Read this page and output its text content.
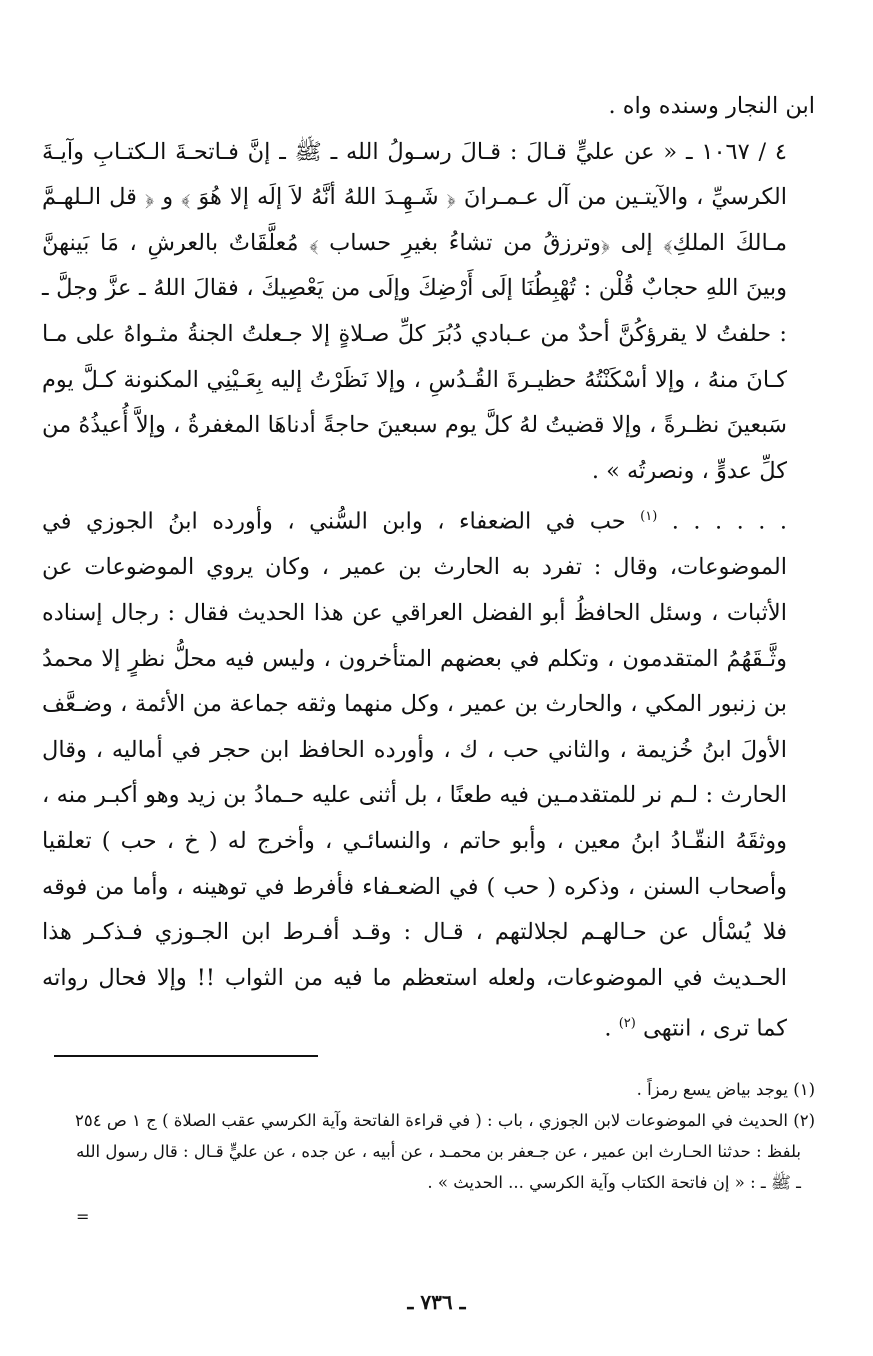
ابن النجار وسنده واه .

٤ / ١٠٦٧ ـ « عن عليٍّ قـالَ : قـالَ رسـولُ الله ـ ﷺ ـ إنَّ فـاتحـةَ الـكتـابِ وآيـةَ الكرسيِّ ، والآيتـين من آل عـمـرانَ ﴿ شَـهِـدَ اللهُ أنَّهُ لاَ إلَه إلا هُوَ ﴾ و ﴿ قل الـلهـمَّ مـالكَ الملكِ﴾ إلى ﴿وترزقُ من تشاءُ بغيرِ حساب ﴾ مُعلَّقَاتٌ بالعرشِ ، مَا بَينهنَّ وبينَ اللهِ حجابٌ قُلْن : تُهْبِطُنَا إلَى أَرْضِكَ وإلَى من يَعْصِيكَ ، فقالَ اللهُ ـ عزَّ وجلَّ ـ : حلفتُ لا يقرؤكُنَّ أحدٌ من عـبادي دُبُرَ كلِّ صـلاةٍ إلا جـعلتُ الجنةُ مثـواهُ على مـا كـانَ منهُ ، وإلا أسْكَنْتُهُ حظيـرةَ القُـدُسِ ، وإلا نَظَرْتُ إليه بِعَـيْنِي المكنونة كـلَّ يوم سَبعينَ نظـرةً ، وإلا قضيتُ لهُ كلَّ يوم سبعينَ حاجةً أدناهَا المغفرةُ ، وإلاَّ أُعيذُهُ من كلِّ عدوٍّ ، ونصرتُه » .

. . . . . . $^{(١)}$ حب في الضعفاء ، وابن السُّني ، وأورده ابنُ الجوزي في الموضوعات، وقال : تفرد به الحارث بن عمير ، وكان يروي الموضوعات عن الأثبات ، وسئل الحافظُ أبو الفضل العراقي عن هذا الحديث فقال : رجال إسناده وثَّـقَهُمُ المتقدمون ، وتكلم في بعضهم المتأخرون ، وليس فيه محلُّ نظرٍ إلا محمدُ بن زنبور المكي ، والحارث بن عمير ، وكل منهما وثقه جماعة من الأئمة ، وضـعَّف الأولَ ابنُ خُزيمة ، والثاني حب ، ك ، وأورده الحافظ ابن حجر في أماليه ، وقال الحارث : لـم نر للمتقدمـين فيه طعنًا ، بل أثنى عليه حـمادُ بن زيد وهو أكبـر منه ، ووثقَهُ النقّـادُ ابنُ معين ، وأبو حاتم ، والنسائـي ، وأخرج له ( خ ، حب ) تعلقيا وأصحاب السنن ، وذكره ( حب ) في الضعـفاء فأفرط في توهينه ، وأما من فوقه فلا يُسْأل عن حـالهـم لجلالتهم ، قـال : وقـد أفـرط ابن الجـوزي فـذكـر هذا الحـديث في الموضوعات، ولعله استعظم ما فيه من الثواب !! وإلا فحال رواته كما ترى ، انتهى $^{(٢)}$ .

(١) يوجد بياض يسع رمزاً .

(٢) الحديث في الموضوعات لابن الجوزي ، باب : ( في قراءة الفاتحة وآية الكرسي عقب الصلاة ) ج ١ ص ٢٥٤

بلفظ : حدثنا الحـارث ابن عمير ، عن جـعفر بن محمـد ، عن أبيه ، عن جده ، عن عليٍّ قـال : قال رسول الله

ـ ﷺ ـ : « إن فاتحة الكتاب وآية الكرسي ... الحديث » .

=
ـ ٧٣٦ ـ
